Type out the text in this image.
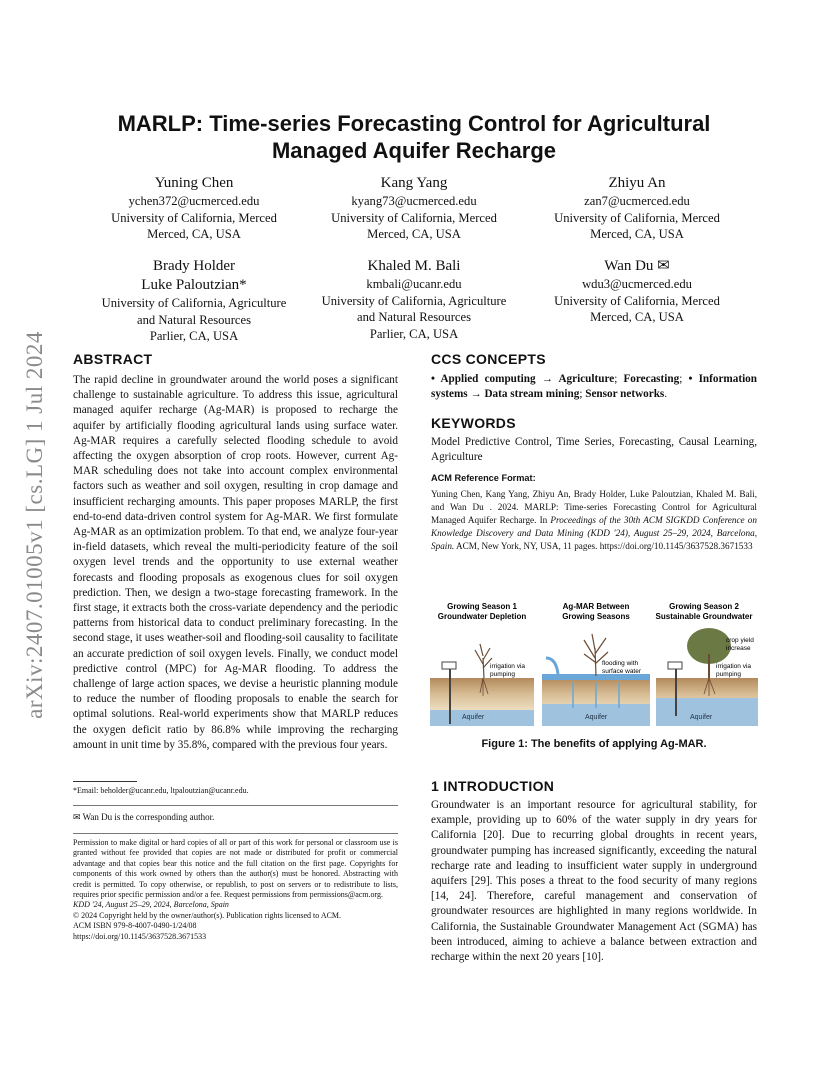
arXiv:2407.01005v1 [cs.LG] 1 Jul 2024
MARLP: Time-series Forecasting Control for Agricultural
Managed Aquifer Recharge
Yuning Chen
ychen372@ucmerced.edu
University of California, Merced
Merced, CA, USA
Kang Yang
kyang73@ucmerced.edu
University of California, Merced
Merced, CA, USA
Zhiyu An
zan7@ucmerced.edu
University of California, Merced
Merced, CA, USA
Brady Holder
Luke Paloutzian*
University of California, Agriculture
and Natural Resources
Parlier, CA, USA
Khaled M. Bali
kmbali@ucanr.edu
University of California, Agriculture
and Natural Resources
Parlier, CA, USA
Wan Du ✉
wdu3@ucmerced.edu
University of California, Merced
Merced, CA, USA
ABSTRACT

The rapid decline in groundwater around the world poses a significant challenge to sustainable agriculture. To address this issue, agricultural managed aquifer recharge (Ag-MAR) is proposed to recharge the aquifer by artificially flooding agricultural lands using surface water. Ag-MAR requires a carefully selected flooding schedule to avoid affecting the oxygen absorption of crop roots. However, current Ag-MAR scheduling does not take into account complex environmental factors such as weather and soil oxygen, resulting in crop damage and insufficient recharging amounts. This paper proposes MARLP, the first end-to-end data-driven control system for Ag-MAR. We first formulate Ag-MAR as an optimization problem. To that end, we analyze four-year in-field datasets, which reveal the multi-periodicity feature of the soil oxygen level trends and the opportunity to use external weather forecasts and flooding proposals as exogenous clues for soil oxygen prediction. Then, we design a two-stage forecasting framework. In the first stage, it extracts both the cross-variate dependency and the periodic patterns from historical data to conduct preliminary forecasting. In the second stage, it uses weather-soil and flooding-soil causality to facilitate an accurate prediction of soil oxygen levels. Finally, we conduct model predictive control (MPC) for Ag-MAR flooding. To address the challenge of large action spaces, we devise a heuristic planning module to reduce the number of flooding proposals to enable the search for optimal solutions. Real-world experiments show that MARLP reduces the oxygen deficit ratio by 86.8% while improving the recharging amount in unit time by 35.8%, compared with the previous four years.

*Email: beholder@ucanr.edu, ltpaloutzian@ucanr.edu.
✉ Wan Du is the corresponding author.
Permission to make digital or hard copies of all or part of this work for personal or classroom use is granted without fee provided that copies are not made or distributed for profit or commercial advantage and that copies bear this notice and the full citation on the first page. Copyrights for components of this work owned by others than the author(s) must be honored. Abstracting with credit is permitted. To copy otherwise, or republish, to post on servers or to redistribute to lists, requires prior specific permission and/or a fee. Request permissions from permissions@acm.org.
KDD '24, August 25–29, 2024, Barcelona, Spain
© 2024 Copyright held by the owner/author(s). Publication rights licensed to ACM.
ACM ISBN 979-8-4007-0490-1/24/08
https://doi.org/10.1145/3637528.3671533
CCS CONCEPTS

• Applied computing → Agriculture; Forecasting; • Information systems → Data stream mining; Sensor networks.

KEYWORDS

Model Predictive Control, Time Series, Forecasting, Causal Learning, Agriculture

ACM Reference Format:
Yuning Chen, Kang Yang, Zhiyu An, Brady Holder, Luke Paloutzian, Khaled M. Bali, and Wan Du . 2024. MARLP: Time-series Forecasting Control for Agricultural Managed Aquifer Recharge. In Proceedings of the 30th ACM SIGKDD Conference on Knowledge Discovery and Data Mining (KDD '24), August 25–29, 2024, Barcelona, Spain. ACM, New York, NY, USA, 11 pages. https://doi.org/10.1145/3637528.3671533
Growing Season 1
Groundwater Depletion
irrigation via
pumping
Aquifer
Ag-MAR Between
Growing Seasons
flooding with
surface water
Aquifer
Growing Season 2
Sustainable Groundwater
crop yield
increase
irrigation via
pumping
Aquifer
Figure 1: The benefits of applying Ag-MAR.
1 INTRODUCTION

Groundwater is an important resource for agricultural stability, for example, providing up to 60% of the water supply in dry years for California [20]. Due to recurring global droughts in recent years, groundwater pumping has increased significantly, exceeding the natural recharge rate and leading to insufficient water supply in underground aquifers [29]. This poses a threat to the food security of many regions [14, 24]. Therefore, careful management and conservation of groundwater resources are highlighted in many regions worldwide. In California, the Sustainable Groundwater Management Act (SGMA) has been introduced, aiming to achieve a balance between extraction and recharge within the next 20 years [10].
